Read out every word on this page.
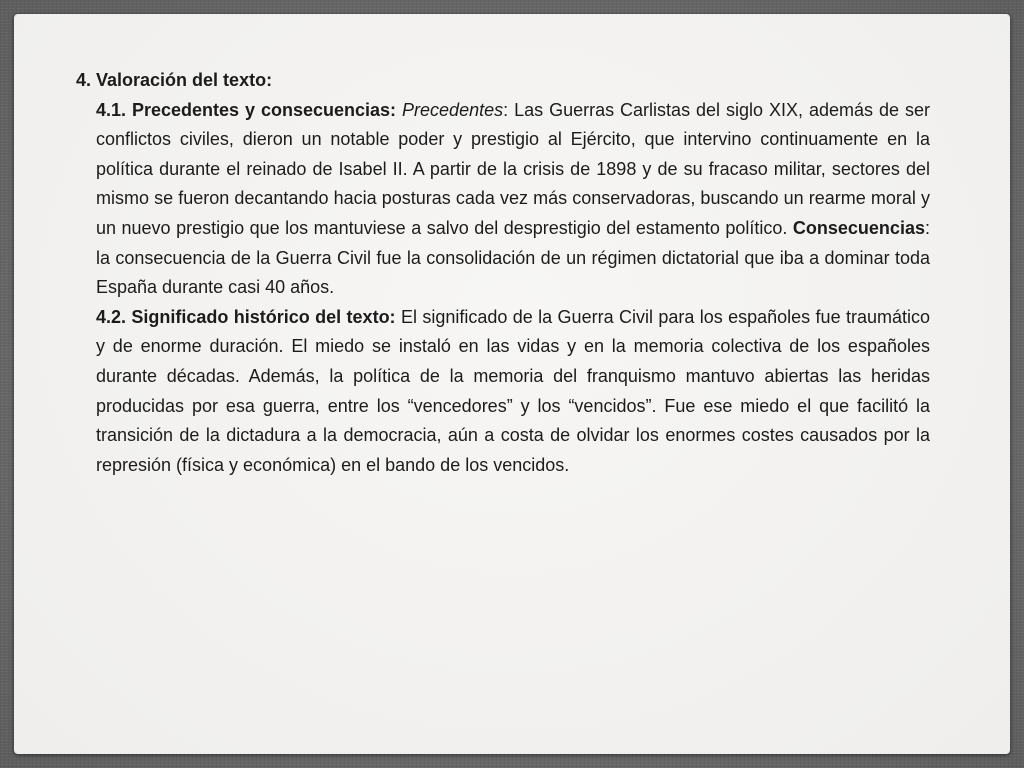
4. Valoración del texto:

4.1. Precedentes y consecuencias: Precedentes: Las Guerras Carlistas del siglo XIX, además de ser conflictos civiles, dieron un notable poder y prestigio al Ejército, que intervino continuamente en la política durante el reinado de Isabel II. A partir de la crisis de 1898 y de su fracaso militar, sectores del mismo se fueron decantando hacia posturas cada vez más conservadoras, buscando un rearme moral y un nuevo prestigio que los mantuviese a salvo del desprestigio del estamento político. Consecuencias: la consecuencia de la Guerra Civil fue la consolidación de un régimen dictatorial que iba a dominar toda España durante casi 40 años.

4.2. Significado histórico del texto: El significado de la Guerra Civil para los españoles fue traumático y de enorme duración. El miedo se instaló en las vidas y en la memoria colectiva de los españoles durante décadas. Además, la política de la memoria del franquismo mantuvo abiertas las heridas producidas por esa guerra, entre los “vencedores” y los “vencidos”. Fue ese miedo el que facilitó la transición de la dictadura a la democracia, aún a costa de olvidar los enormes costes causados por la represión (física y económica) en el bando de los vencidos.
